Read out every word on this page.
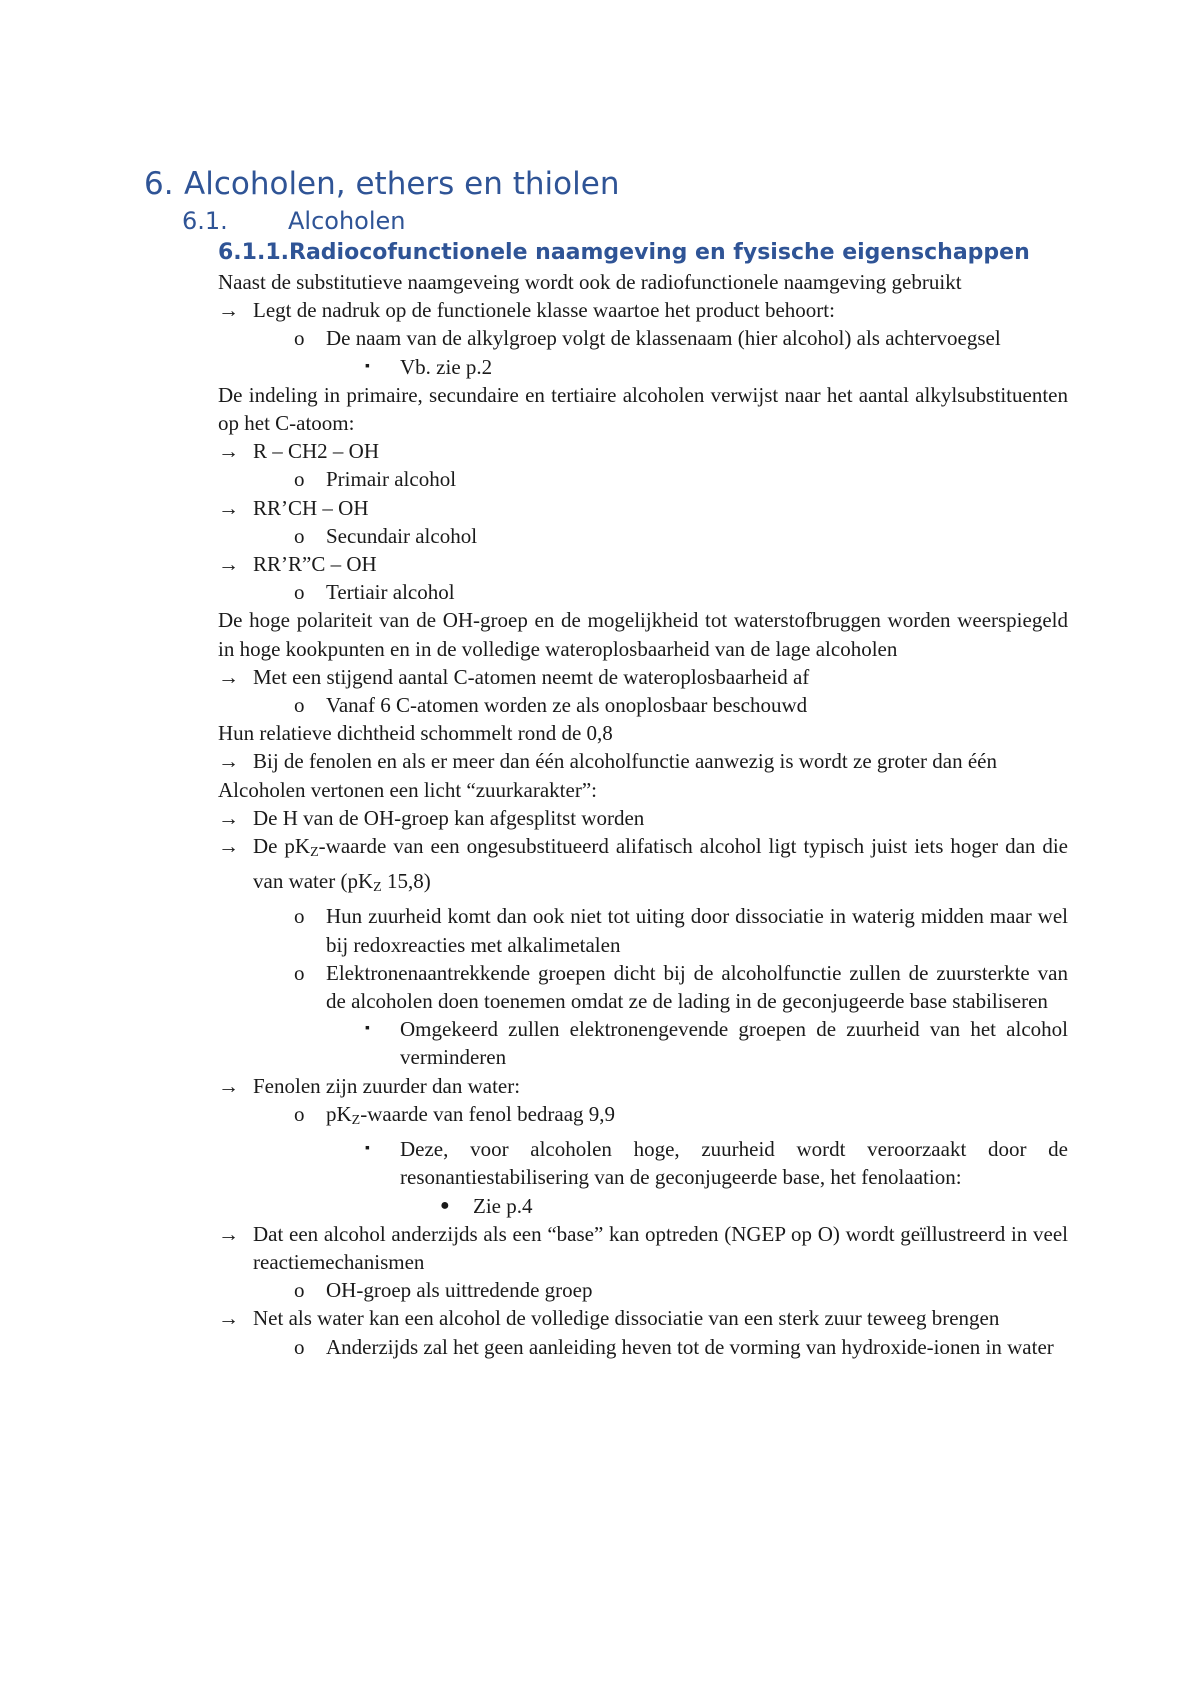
6. Alcoholen, ethers en thiolen
6.1.	Alcoholen
6.1.1.Radiocofunctionele naamgeving en fysische eigenschappen
Naast de substitutieve naamgeveing wordt ook de radiofunctionele naamgeving gebruikt
→ Legt de nadruk op de functionele klasse waartoe het product behoort:
o De naam van de alkylgroep volgt de klassenaam (hier alcohol) als achtervoegsel
▪ Vb. zie p.2
De indeling in primaire, secundaire en tertiaire alcoholen verwijst naar het aantal alkylsubstituenten op het C-atoom:
→ R – CH2 – OH
o Primair alcohol
→ RR’CH – OH
o Secundair alcohol
→ RR’R”C – OH
o Tertiair alcohol
De hoge polariteit van de OH-groep en de mogelijkheid tot waterstofbruggen worden weerspiegeld in hoge kookpunten en in de volledige wateroplosbaarheid van de lage alcoholen
→ Met een stijgend aantal C-atomen neemt de wateroplosbaarheid af
o Vanaf 6 C-atomen worden ze als onoplosbaar beschouwd
Hun relatieve dichtheid schommelt rond de 0,8
→ Bij de fenolen en als er meer dan één alcoholfunctie aanwezig is wordt ze groter dan één
Alcoholen vertonen een licht “zuurkarakter”:
→ De H van de OH-groep kan afgesplitst worden
→ De $pK_Z$-waarde van een ongesubstitueerd alifatisch alcohol ligt typisch juist iets hoger dan die van water ($pK_Z$ 15,8)
o Hun zuurheid komt dan ook niet tot uiting door dissociatie in waterig midden maar wel bij redoxreacties met alkalimetalen
o Elektronenaantrekkende groepen dicht bij de alcoholfunctie zullen de zuursterkte van de alcoholen doen toenemen omdat ze de lading in de geconjugeerde base stabiliseren
▪ Omgekeerd zullen elektronengevende groepen de zuurheid van het alcohol verminderen
→ Fenolen zijn zuurder dan water:
o $pK_Z$-waarde van fenol bedraag 9,9
▪ Deze, voor alcoholen hoge, zuurheid wordt veroorzaakt door de resonantiestabilisering van de geconjugeerde base, het fenolaation:
● Zie p.4
→ Dat een alcohol anderzijds als een “base” kan optreden (NGEP op O) wordt geïllustreerd in veel reactiemechanismen
o OH-groep als uittredende groep
→ Net als water kan een alcohol de volledige dissociatie van een sterk zuur teweeg brengen
o Anderzijds zal het geen aanleiding heven tot de vorming van hydroxide-ionen in water
